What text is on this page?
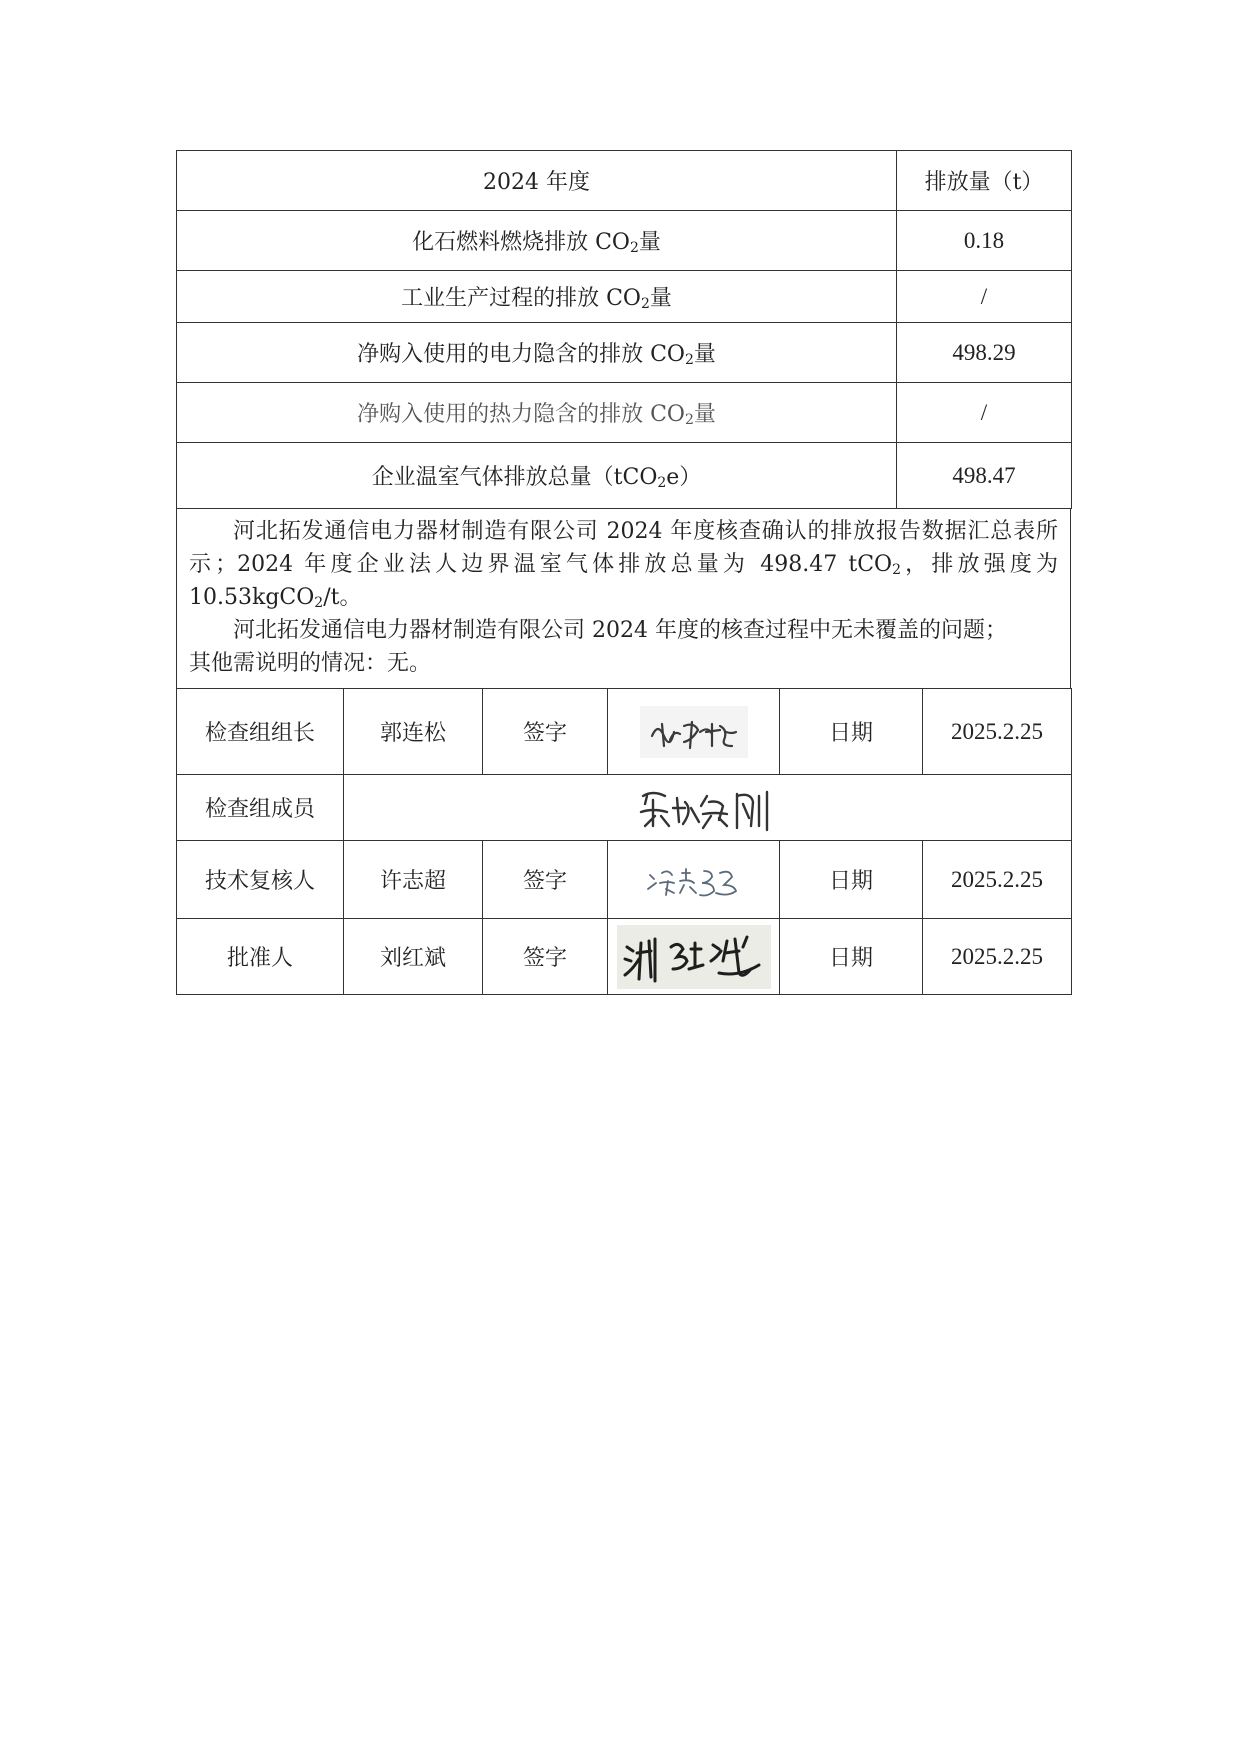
2024 年度	排放量（t）
化石燃料燃烧排放 $CO_2$量	0.18
工业生产过程的排放 $CO_2$量	/
净购入使用的电力隐含的排放 $CO_2$量	498.29
净购入使用的热力隐含的排放 $CO_2$量	/
企业温室气体排放总量（tCO$_2$e）	498.47

河北拓发通信电力器材制造有限公司 2024 年度核查确认的排放报告数据汇总表所示；2024 年度企业法人边界温室气体排放总量为 498.47 tCO$_2$，排放强度为 10.53kgCO$_2$/t。

河北拓发通信电力器材制造有限公司 2024 年度的核查过程中无未覆盖的问题；

其他需说明的情况：无。

检查组组长	郭连松	签字		日期	2025.2.25
检查组成员	

技术复核人	许志超	签字		日期	2025.2.25
批准人	刘红斌	签字		日期	2025.2.25
